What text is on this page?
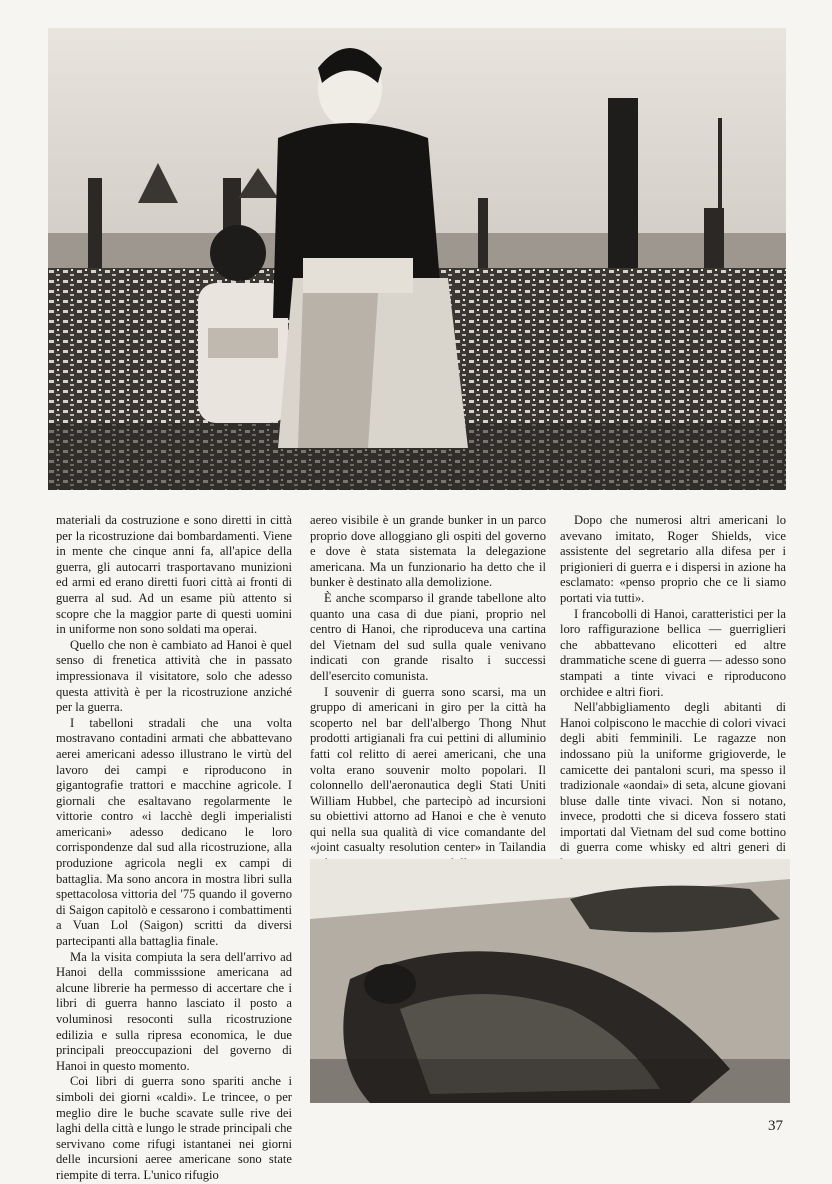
materiali da costruzione e sono diretti in città per la ricostruzione dai bombardamenti. Viene in mente che cinque anni fa, all'apice della guerra, gli autocarri trasportavano munizioni ed armi ed erano diretti fuori città ai fronti di guerra al sud. Ad un esame più attento si scopre che la maggior parte di questi uomini in uniforme non sono soldati ma operai.

Quello che non è cambiato ad Hanoi è quel senso di frenetica attività che in passato impressionava il visitatore, solo che adesso questa attività è per la ricostruzione anziché per la guerra.

I tabelloni stradali che una volta mostravano contadini armati che abbattevano aerei americani adesso illustrano le virtù del lavoro dei campi e riproducono in gigantografie trattori e macchine agricole. I giornali che esaltavano regolarmente le vittorie contro «i lacchè degli imperialisti americani» adesso dedicano le loro corrispondenze dal sud alla ricostruzione, alla produzione agricola negli ex campi di battaglia. Ma sono ancora in mostra libri sulla spettacolosa vittoria del '75 quando il governo di Saigon capitolò e cessarono i combattimenti a Vuan Lol (Saigon) scritti da diversi partecipanti alla battaglia finale.

Ma la visita compiuta la sera dell'arrivo ad Hanoi della commisssione americana ad alcune librerie ha permesso di accertare che i libri di guerra hanno lasciato il posto a voluminosi resoconti sulla ricostruzione edilizia e sulla ripresa economica, le due principali preoccupazioni del governo di Hanoi in questo momento.

Coi libri di guerra sono spariti anche i simboli dei giorni «caldi». Le trincee, o per meglio dire le buche scavate sulle rive dei laghi della città e lungo le strade principali che servivano come rifugi istantanei nei giorni delle incursioni aeree americane sono state riempite di terra. L'unico rifugio

aereo visibile è un grande bunker in un parco proprio dove alloggiano gli ospiti del governo e dove è stata sistemata la delegazione americana. Ma un funzionario ha detto che il bunker è destinato alla demolizione.

È anche scomparso il grande tabellone alto quanto una casa di due piani, proprio nel centro di Hanoi, che riproduceva una cartina del Vietnam del sud sulla quale venivano indicati con grande risalto i successi dell'esercito comunista.

I souvenir di guerra sono scarsi, ma un gruppo di americani in giro per la città ha scoperto nel bar dell'albergo Thong Nhut prodotti artigianali fra cui pettini di alluminio fatti col relitto di aerei americani, che una volta erano souvenir molto popolari. Il colonnello dell'aeronautica degli Stati Uniti William Hubbel, che partecipò ad incursioni su obiettivi attorno ad Hanoi e che è venuto qui nella sua qualità di vice comandante del «joint casualty resolution center» in Tailandia

Dopo che numerosi altri americani lo avevano imitato, Roger Shields, vice assistente del segretario alla difesa per i prigionieri di guerra e i dispersi in azione ha esclamato: «penso proprio che ce li siamo portati via tutti».

I francobolli di Hanoi, caratteristici per la loro raffigurazione bellica — guerriglieri che abbattevano elicotteri ed altre drammatiche scene di guerra — adesso sono stampati a tinte vivaci e riproducono orchidee e altri fiori.

Nell'abbigliamento degli abitanti di Hanoi colpiscono le macchie di colori vivaci degli abiti femminili. Le ragazze non indossano più la uniforme grigioverde, le camicette dei pantaloni scuri, ma spesso il tradizionale «aondai» di seta, alcune giovani bluse dalle tinte vivaci. Non si notano, invece, prodotti che si diceva fossero stati importati dal Vietnam del sud come bottino di guerra come whisky ed altri generi di

37
